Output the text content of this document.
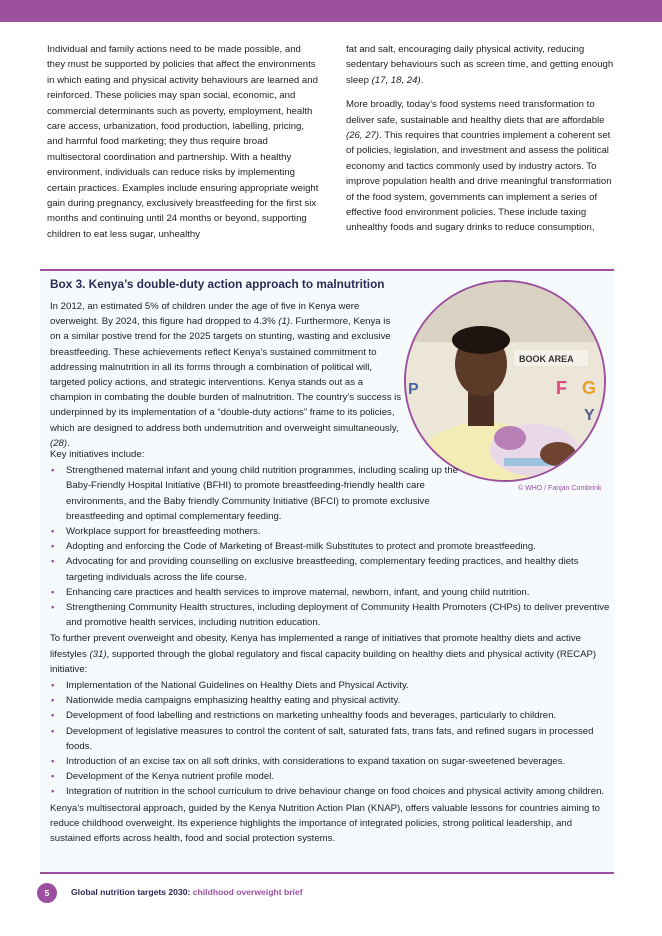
Individual and family actions need to be made possible, and they must be supported by policies that affect the environments in which eating and physical activity behaviours are learned and reinforced. These policies may span social, economic, and commercial determinants such as poverty, employment, health care access, urbanization, food production, labelling, pricing, and harmful food marketing; they thus require broad multisectoral coordination and partnership. With a healthy environment, individuals can reduce risks by implementing certain practices. Examples include ensuring appropriate weight gain during pregnancy, exclusively breastfeeding for the first six months and continuing until 24 months or beyond, supporting children to eat less sugar, unhealthy

fat and salt, encouraging daily physical activity, reducing sedentary behaviours such as screen time, and getting enough sleep (17, 18, 24).

More broadly, today’s food systems need transformation to deliver safe, sustainable and healthy diets that are affordable (26, 27). This requires that countries implement a coherent set of policies, legislation, and investment and assess the political economy and tactics commonly used by industry actors. To improve population health and drive meaningful transformation of the food system, governments can implement a series of effective food environment policies. These include taxing unhealthy foods and sugary drinks to reduce consumption,

Box 3. Kenya’s double-duty action approach to malnutrition
BOOK AREA
F G
Y
P
© WHO / Fanjan Combrink
In 2012, an estimated 5% of children under the age of five in Kenya were overweight. By 2024, this figure had dropped to 4.3% (1). Furthermore, Kenya is on a similar postive trend for the 2025 targets on stunting, wasting and exclusive breastfeeding. These achievements reflect Kenya’s sustained commitment to addressing malnutrition in all its forms through a combination of political will, targeted policy actions, and strategic interventions. Kenya stands out as a champion in combating the double burden of malnutrition. The country’s success is underpinned by its implementation of a “double-duty actions” frame to its policies, which are designed to address both undernutrition and overweight simultaneously, (28).

Key initiatives include:

• Strengthened maternal infant and young child nutrition programmes, including scaling up the Baby-Friendly Hospital Initiative (BFHI) to promote breastfeeding-friendly health care environments, and the Baby friendly Community Initiative (BFCI) to promote exclusive breastfeeding and optimal complementary feeding.
• Workplace support for breastfeeding mothers.
• Adopting and enforcing the Code of Marketing of Breast-milk Substitutes to protect and promote breastfeeding.
• Advocating for and providing counselling on exclusive breastfeeding, complementary feeding practices, and healthy diets targeting individuals across the life course.
• Enhancing care practices and health services to improve maternal, newborn, infant, and young child nutrition.
• Strengthening Community Health structures, including deployment of Community Health Promoters (CHPs) to deliver preventive and promotive health services, including nutrition education.

To further prevent overweight and obesity, Kenya has implemented a range of initiatives that promote healthy diets and active lifestyles (31), supported through the global regulatory and fiscal capacity building on healthy diets and physical activity (RECAP) initiative:

• Implementation of the National Guidelines on Healthy Diets and Physical Activity.
• Nationwide media campaigns emphasizing healthy eating and physical activity.
• Development of food labelling and restrictions on marketing unhealthy foods and beverages, particularly to children.
• Development of legislative measures to control the content of salt, saturated fats, trans fats, and refined sugars in processed foods.
• Introduction of an excise tax on all soft drinks, with considerations to expand taxation on sugar-sweetened beverages.
• Development of the Kenya nutrient profile model.
• Integration of nutrition in the school curriculum to drive behaviour change on food choices and physical activity among children.

Kenya’s multisectoral approach, guided by the Kenya Nutrition Action Plan (KNAP), offers valuable lessons for countries aiming to reduce childhood overweight. Its experience highlights the importance of integrated policies, strong political leadership, and sustained efforts across health, food and social protection systems.

5	Global nutrition targets 2030: childhood overweight brief
